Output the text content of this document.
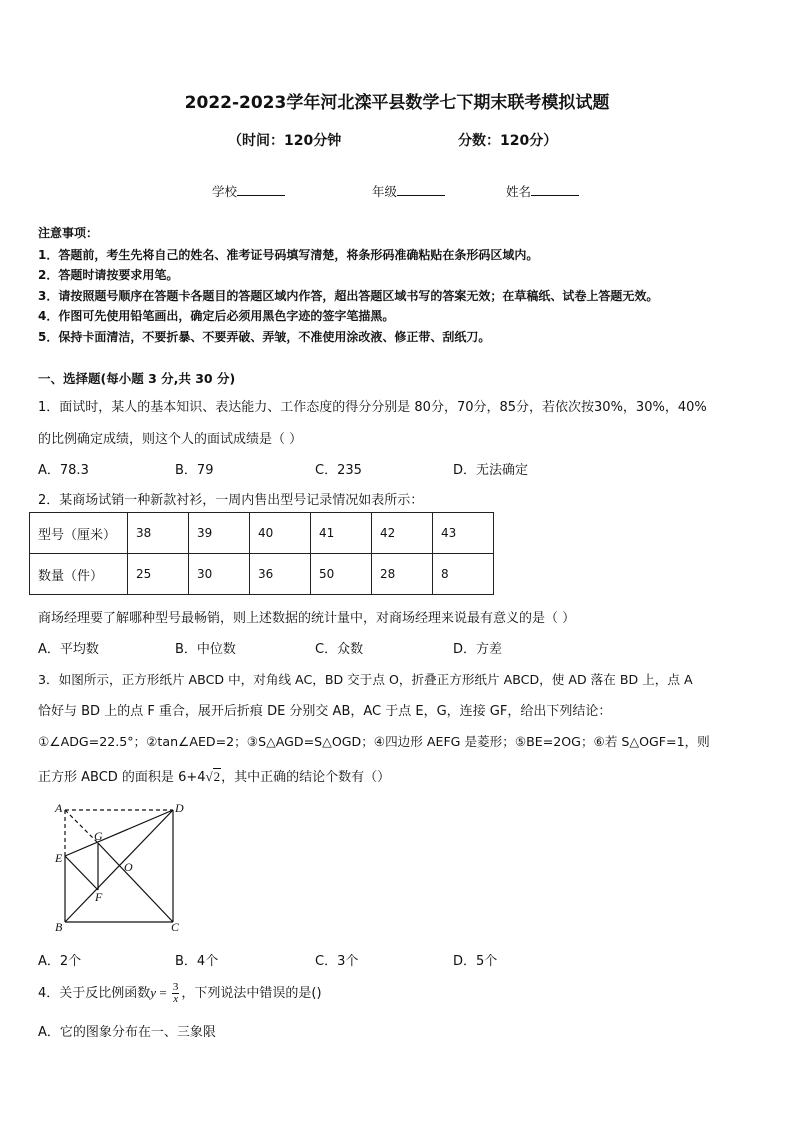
2022-2023学年河北滦平县数学七下期末联考模拟试题
（时间：120分钟	分数：120分）
学校	年级	姓名
注意事项：
1．答题前，考生先将自己的姓名、准考证号码填写清楚，将条形码准确粘贴在条形码区域内。
2．答题时请按要求用笔。
3．请按照题号顺序在答题卡各题目的答题区域内作答，超出答题区域书写的答案无效；在草稿纸、试卷上答题无效。
4．作图可先使用铅笔画出，确定后必须用黑色字迹的签字笔描黑。
5．保持卡面清洁，不要折暴、不要弄破、弄皱，不准使用涂改液、修正带、刮纸刀。
一、选择题(每小题 3 分,共 30 分)
1．面试时，某人的基本知识、表达能力、工作态度的得分分别是 80分，70分，85分，若依次按30%，30%，40%
的比例确定成绩，则这个人的面试成绩是（ ）
A．78.3	B．79	C．235	D．无法确定
2．某商场试销一种新款衬衫，一周内售出型号记录情况如表所示：
型号（厘米）	38	39	40	41	42	43
数量（件）	25	30	36	50	28	8
商场经理要了解哪种型号最畅销，则上述数据的统计量中，对商场经理来说最有意义的是（ ）
A．平均数	B．中位数	C．众数	D．方差
3．如图所示，正方形纸片 ABCD 中，对角线 AC，BD 交于点 O，折叠正方形纸片 ABCD，使 AD 落在 BD 上，点 A
恰好与 BD 上的点 F 重合，展开后折痕 DE 分别交 AB，AC 于点 E，G，连接 GF，给出下列结论：
①∠ADG=22.5°；②tan∠AED=2；③S△AGD=S△OGD；④四边形 AEFG 是菱形；⑤BE=2OG；⑥若 S△OGF=1，则
正方形 ABCD 的面积是 6+4√2，其中正确的结论个数有（）
A	D
B	C
E
G
F
O
A．2个	B．4个	C．3个	D．5个
4．关于反比例函数$y = \frac{3}{x}$ ，下列说法中错误的是()
A．它的图象分布在一、三象限
